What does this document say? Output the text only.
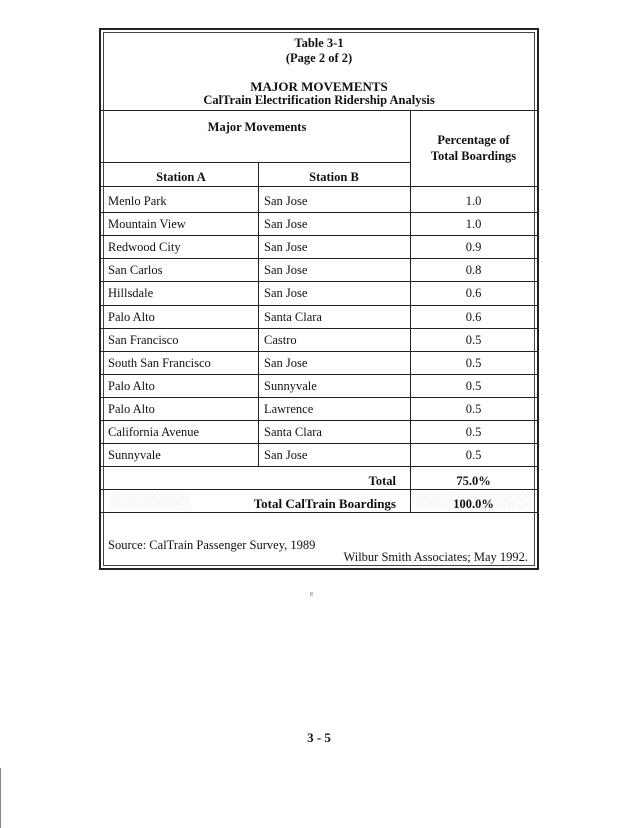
Table 3-1
(Page 2 of 2)
MAJOR MOVEMENTS
CalTrain Electrification Ridership Analysis
Major Movements
Station A	Station B
Percentage of
Total Boardings
Menlo Park	San Jose	1.0
Mountain View	San Jose	1.0
Redwood City	San Jose	0.9
San Carlos	San Jose	0.8
Hillsdale	San Jose	0.6
Palo Alto	Santa Clara	0.6
San Francisco	Castro	0.5
South San Francisco	San Jose	0.5
Palo Alto	Sunnyvale	0.5
Palo Alto	Lawrence	0.5
California Avenue	Santa Clara	0.5
Sunnyvale	San Jose	0.5
Total	75.0%
Total CalTrain Boardings	100.0%
Source: CalTrain Passenger Survey, 1989
Wilbur Smith Associates; May 1992.
ɐ
3 - 5
